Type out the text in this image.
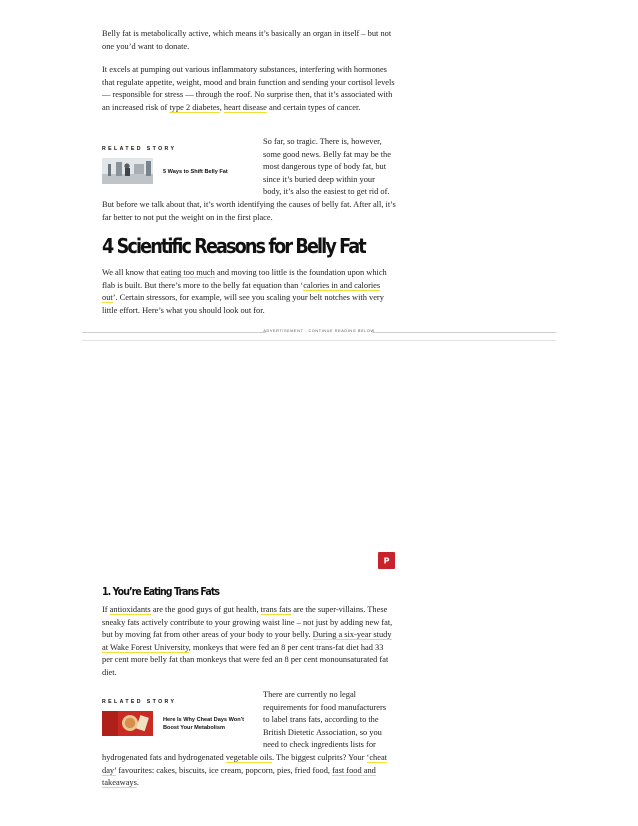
Belly fat is metabolically active, which means it’s basically an organ in itself – but not one you’d want to donate.

It excels at pumping out various inflammatory substances, interfering with hormones that regulate appetite, weight, mood and brain function and sending your cortisol levels — responsible for stress — through the roof. No surprise then, that it’s associated with an increased risk of type 2 diabetes, heart disease and certain types of cancer.

RELATED STORY
5 Ways to Shift Belly Fat

So far, so tragic. There is, however,

some good news. Belly fat may be the

most dangerous type of body fat, but

since it’s buried deep within your

body, it’s also the easiest to get rid of.

But before we talk about that, it’s worth identifying the causes of belly fat. After all, it’s far better to not put the weight on in the first place.

4 Scientific Reasons for Belly Fat

We all know that eating too much and moving too little is the foundation upon which flab is built. But there’s more to the belly fat equation than ‘calories in and calories out’. Certain stressors, for example, will see you scaling your belt notches with very little effort. Here’s what you should look out for.

ADVERTISEMENT - CONTINUE READING BELOW
P
1. You’re Eating Trans Fats

If antioxidants are the good guys of gut health, trans fats are the super-villains. These sneaky fats actively contribute to your growing waist line – not just by adding new fat, but by moving fat from other areas of your body to your belly. During a six-year study at Wake Forest University, monkeys that were fed an 8 per cent trans-fat diet had 33 per cent more belly fat than monkeys that were fed an 8 per cent monounsaturated fat diet.

RELATED STORY
Here Is Why Cheat Days Won’t Boost Your Metabolism

There are currently no legal

requirements for food manufacturers

to label trans fats, according to the

British Dietetic Association, so you

need to check ingredients lists for

hydrogenated fats and hydrogenated vegetable oils. The biggest culprits? Your ‘cheat day’ favourites: cakes, biscuits, ice cream, popcorn, pies, fried food, fast food and takeaways.
